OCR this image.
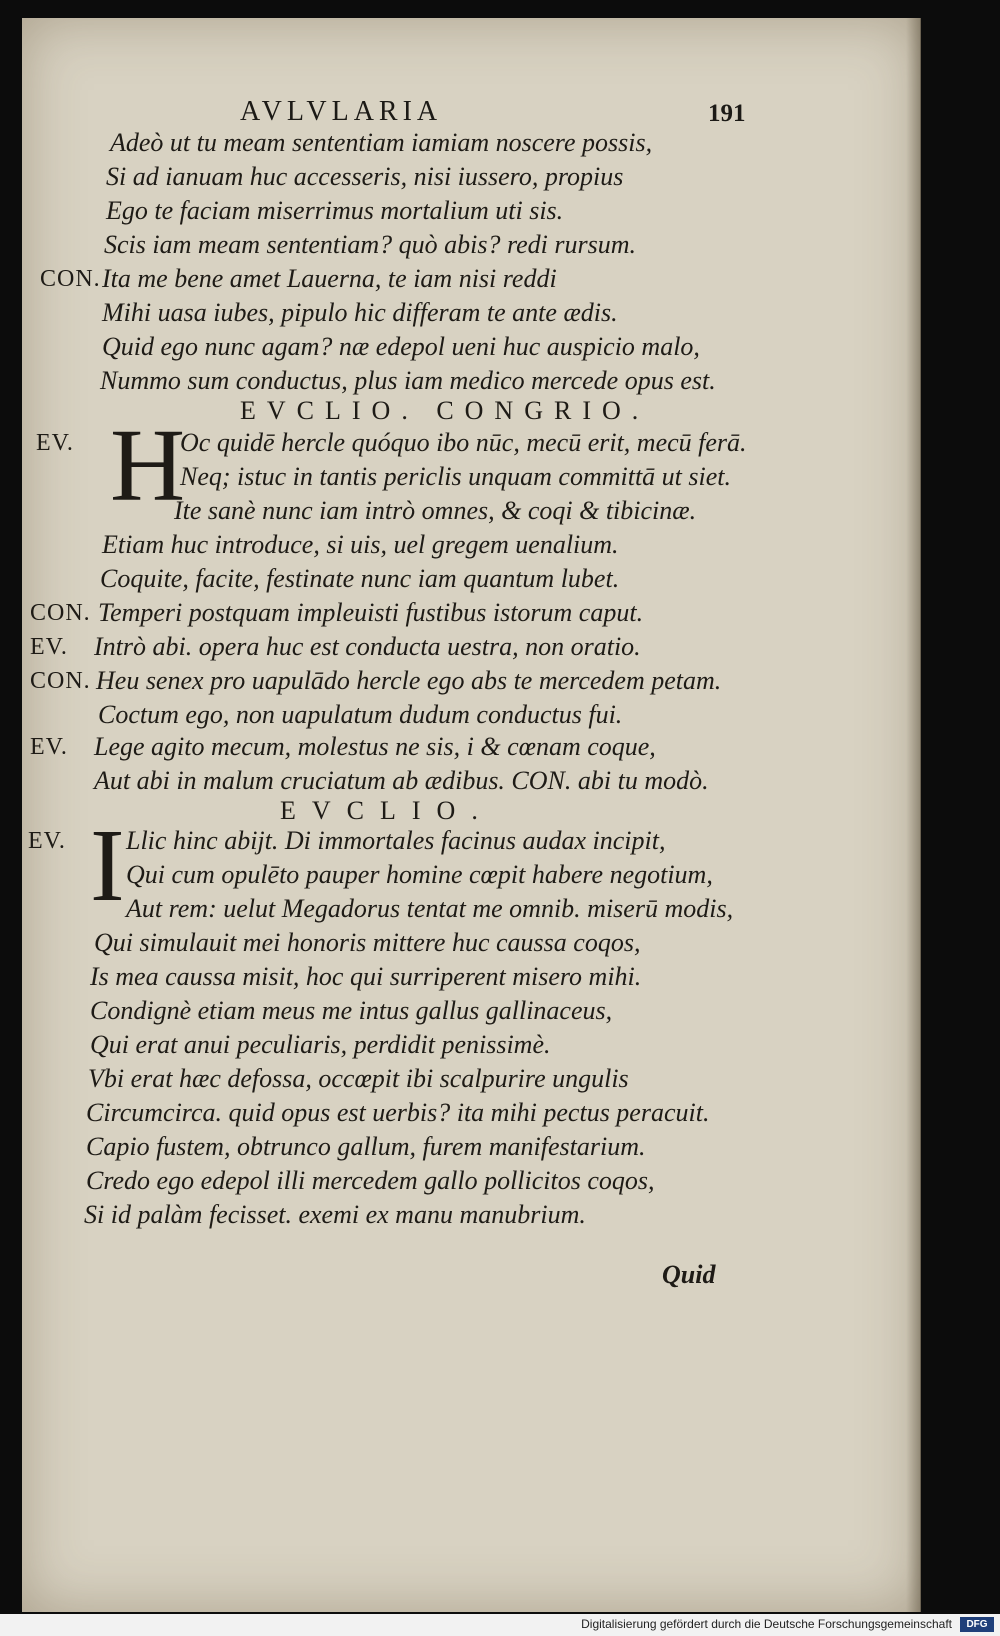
AVLVLARIA	191
Adeò ut tu meam sententiam iamiam noscere possis,
Si ad ianuam huc accesseris, nisi iussero, propius
Ego te faciam miserrimus mortalium uti sis.
Scis iam meam sententiam? quò abis? redi rursum.
CON. Ita me bene amet Lauerna, te iam nisi reddi
Mihi uasa iubes, pipulo hic differam te ante ædis.
Quid ego nunc agam? næ edepol ueni huc auspicio malo,
Nummo sum conductus, plus iam medico mercede opus est.
EVCLIO. CONGRIO.
EV. H
Oc quidē hercle quóquo ibo nūc, mecū erit, mecū ferā.
Neq; istuc in tantis periclis unquam committā ut siet.
Ite sanè nunc iam intrò omnes, & coqi & tibicinæ.
Etiam huc introduce, si uis, uel gregem uenalium.
Coquite, facite, festinate nunc iam quantum lubet.
CON. Temperi postquam impleuisti fustibus istorum caput.
EV. Intrò abi. opera huc est conducta uestra, non oratio.
CON. Heu senex pro uapulādo hercle ego abs te mercedem petam.
Coctum ego, non uapulatum dudum conductus fui.
EV. Lege agito mecum, molestus ne sis, i & cœnam coque,
Aut abi in malum cruciatum ab ædibus. CON. abi tu modò.
EVCLIO.
EV. I Llic hinc abijt. Di immortales facinus audax incipit,
Qui cum opulēto pauper homine cœpit habere negotium,
Aut rem: uelut Megadorus tentat me omnib. miserū modis,
Qui simulauit mei honoris mittere huc caussa coqos,
Is mea caussa misit, hoc qui surriperent misero mihi.
Condignè etiam meus me intus gallus gallinaceus,
Qui erat anui peculiaris, perdidit penissimè.
Vbi erat hæc defossa, occœpit ibi scalpurire ungulis
Circumcirca. quid opus est uerbis? ita mihi pectus peracuit.
Capio fustem, obtrunco gallum, furem manifestarium.
Credo ego edepol illi mercedem gallo pollicitos coqos,
Si id palàm fecisset. exemi ex manu manubrium.
Quid
Digitalisierung gefördert durch die Deutsche Forschungsgemeinschaft	DFG
